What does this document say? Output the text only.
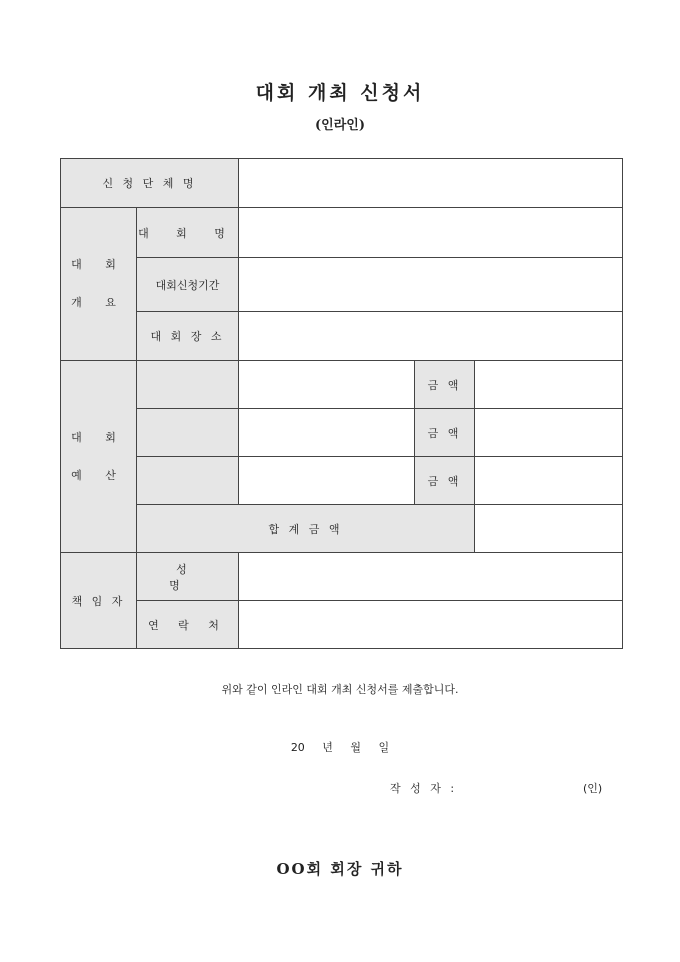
대회 개최 신청서
(인라인)
신 청 단 체 명				

대 회
개 요	대 회 명			
	대회신청기간			
	대 회 장 소			

대 회
예 산			금 액	
			금 액	
			금 액	
	합 계 금 액			
책 임 자	성 명			
	연 락 처			
위와 같이 인라인 대회 개최 신청서를 제출합니다.
20 년 월 일
작 성 자 :	(인)
OO회 회장 귀하
